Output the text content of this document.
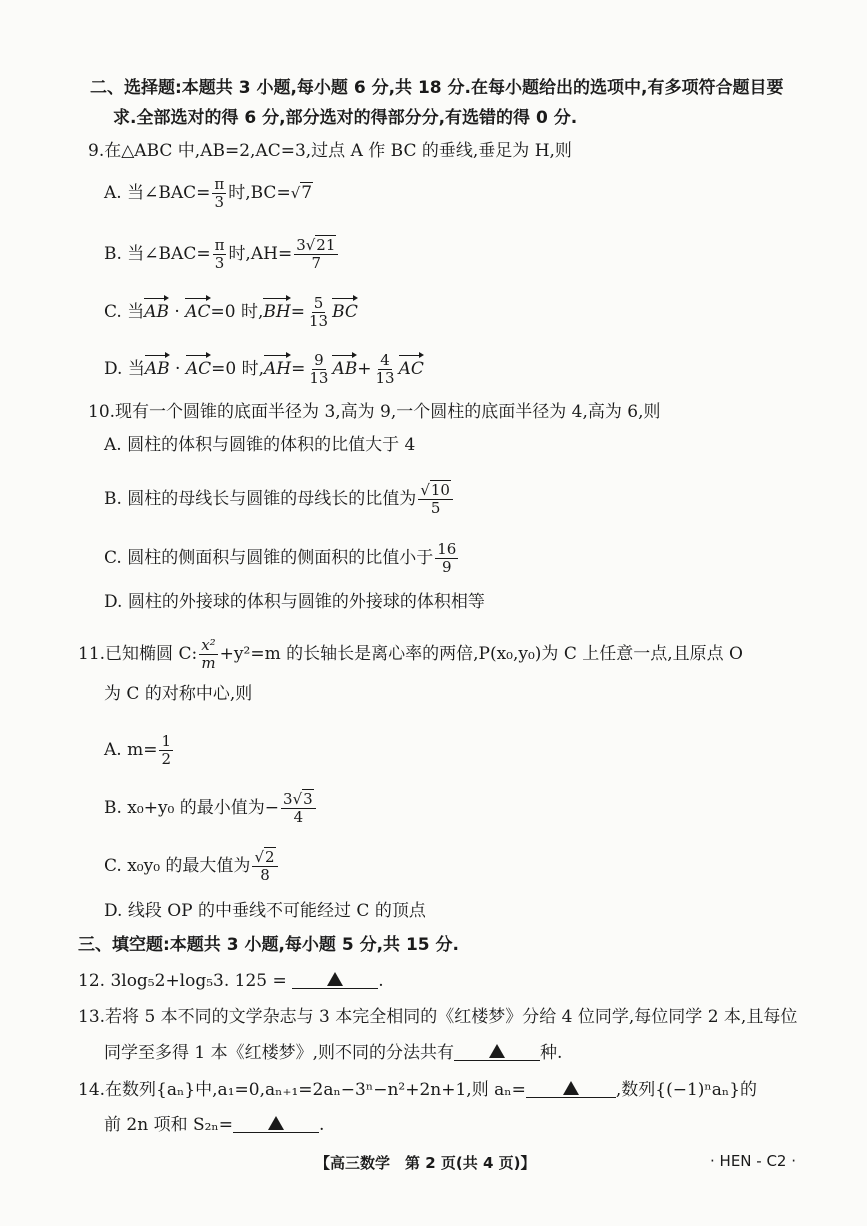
二、选择题:本题共 3 小题,每小题 6 分,共 18 分.在每小题给出的选项中,有多项符合题目要
求.全部选对的得 6 分,部分选对的得部分分,有选错的得 0 分.
9.在△ABC 中,AB=2,AC=3,过点 A 作 BC 的垂线,垂足为 H,则
A. 当∠BAC= $\frac{\pi}{3}$ 时,BC=√7
B. 当∠BAC= $\frac{\pi}{3}$ 时$,AH= \frac{3√21}{7}$
C. 当AB · AC=0 时$,BH= \frac{5}{13}$ BC
D. 当AB · AC=0 时$,AH= \frac{9}{13} AB+ \frac{4}{13}$ AC
10.现有一个圆锥的底面半径为 3,高为 9,一个圆柱的底面半径为 4,高为 6,则
A. 圆柱的体积与圆锥的体积的比值大于 4
B. 圆柱的母线长与圆锥的母线长的比值为 $\frac{√10}{5}$
C. 圆柱的侧面积与圆锥的侧面积的比值小于 $\frac{16}{9}$
D. 圆柱的外接球的体积与圆锥的外接球的体积相等
11.已知椭圆 C: $\frac{\text{x²}}{m} +y^2=m$ 的长轴长是离心率的两倍,P(x₀,y₀)为 C 上任意一点,且原点 O
为 C 的对称中心,则
A. $m= \frac{1}{2}$
B. x₀+y₀ 的最小值为− $\frac{3√3}{4}$
C. x₀y₀ 的最大值为 $\frac{√2}{8}$
D. 线段 OP 的中垂线不可能经过 C 的顶点
三、填空题:本题共 3 小题,每小题 5 分,共 15 分.
12. 3log₅2+log₅3. 125 =	.
13.若将 5 本不同的文学杂志与 3 本完全相同的《红楼梦》分给 4 位同学,每位同学 2 本,且每位
同学至多得 1 本《红楼梦》,则不同的分法共有	种.
14.在数列{aₙ}中,a₁=0,aₙ₊₁=2aₙ−3ⁿ−n²+2n+1,则 aₙ=	,数列{(−1)ⁿaₙ}的
前 2n 项和 S₂ₙ=	.
【高三数学　第 2 页(共 4 页)】	· HEN - C2 ·
